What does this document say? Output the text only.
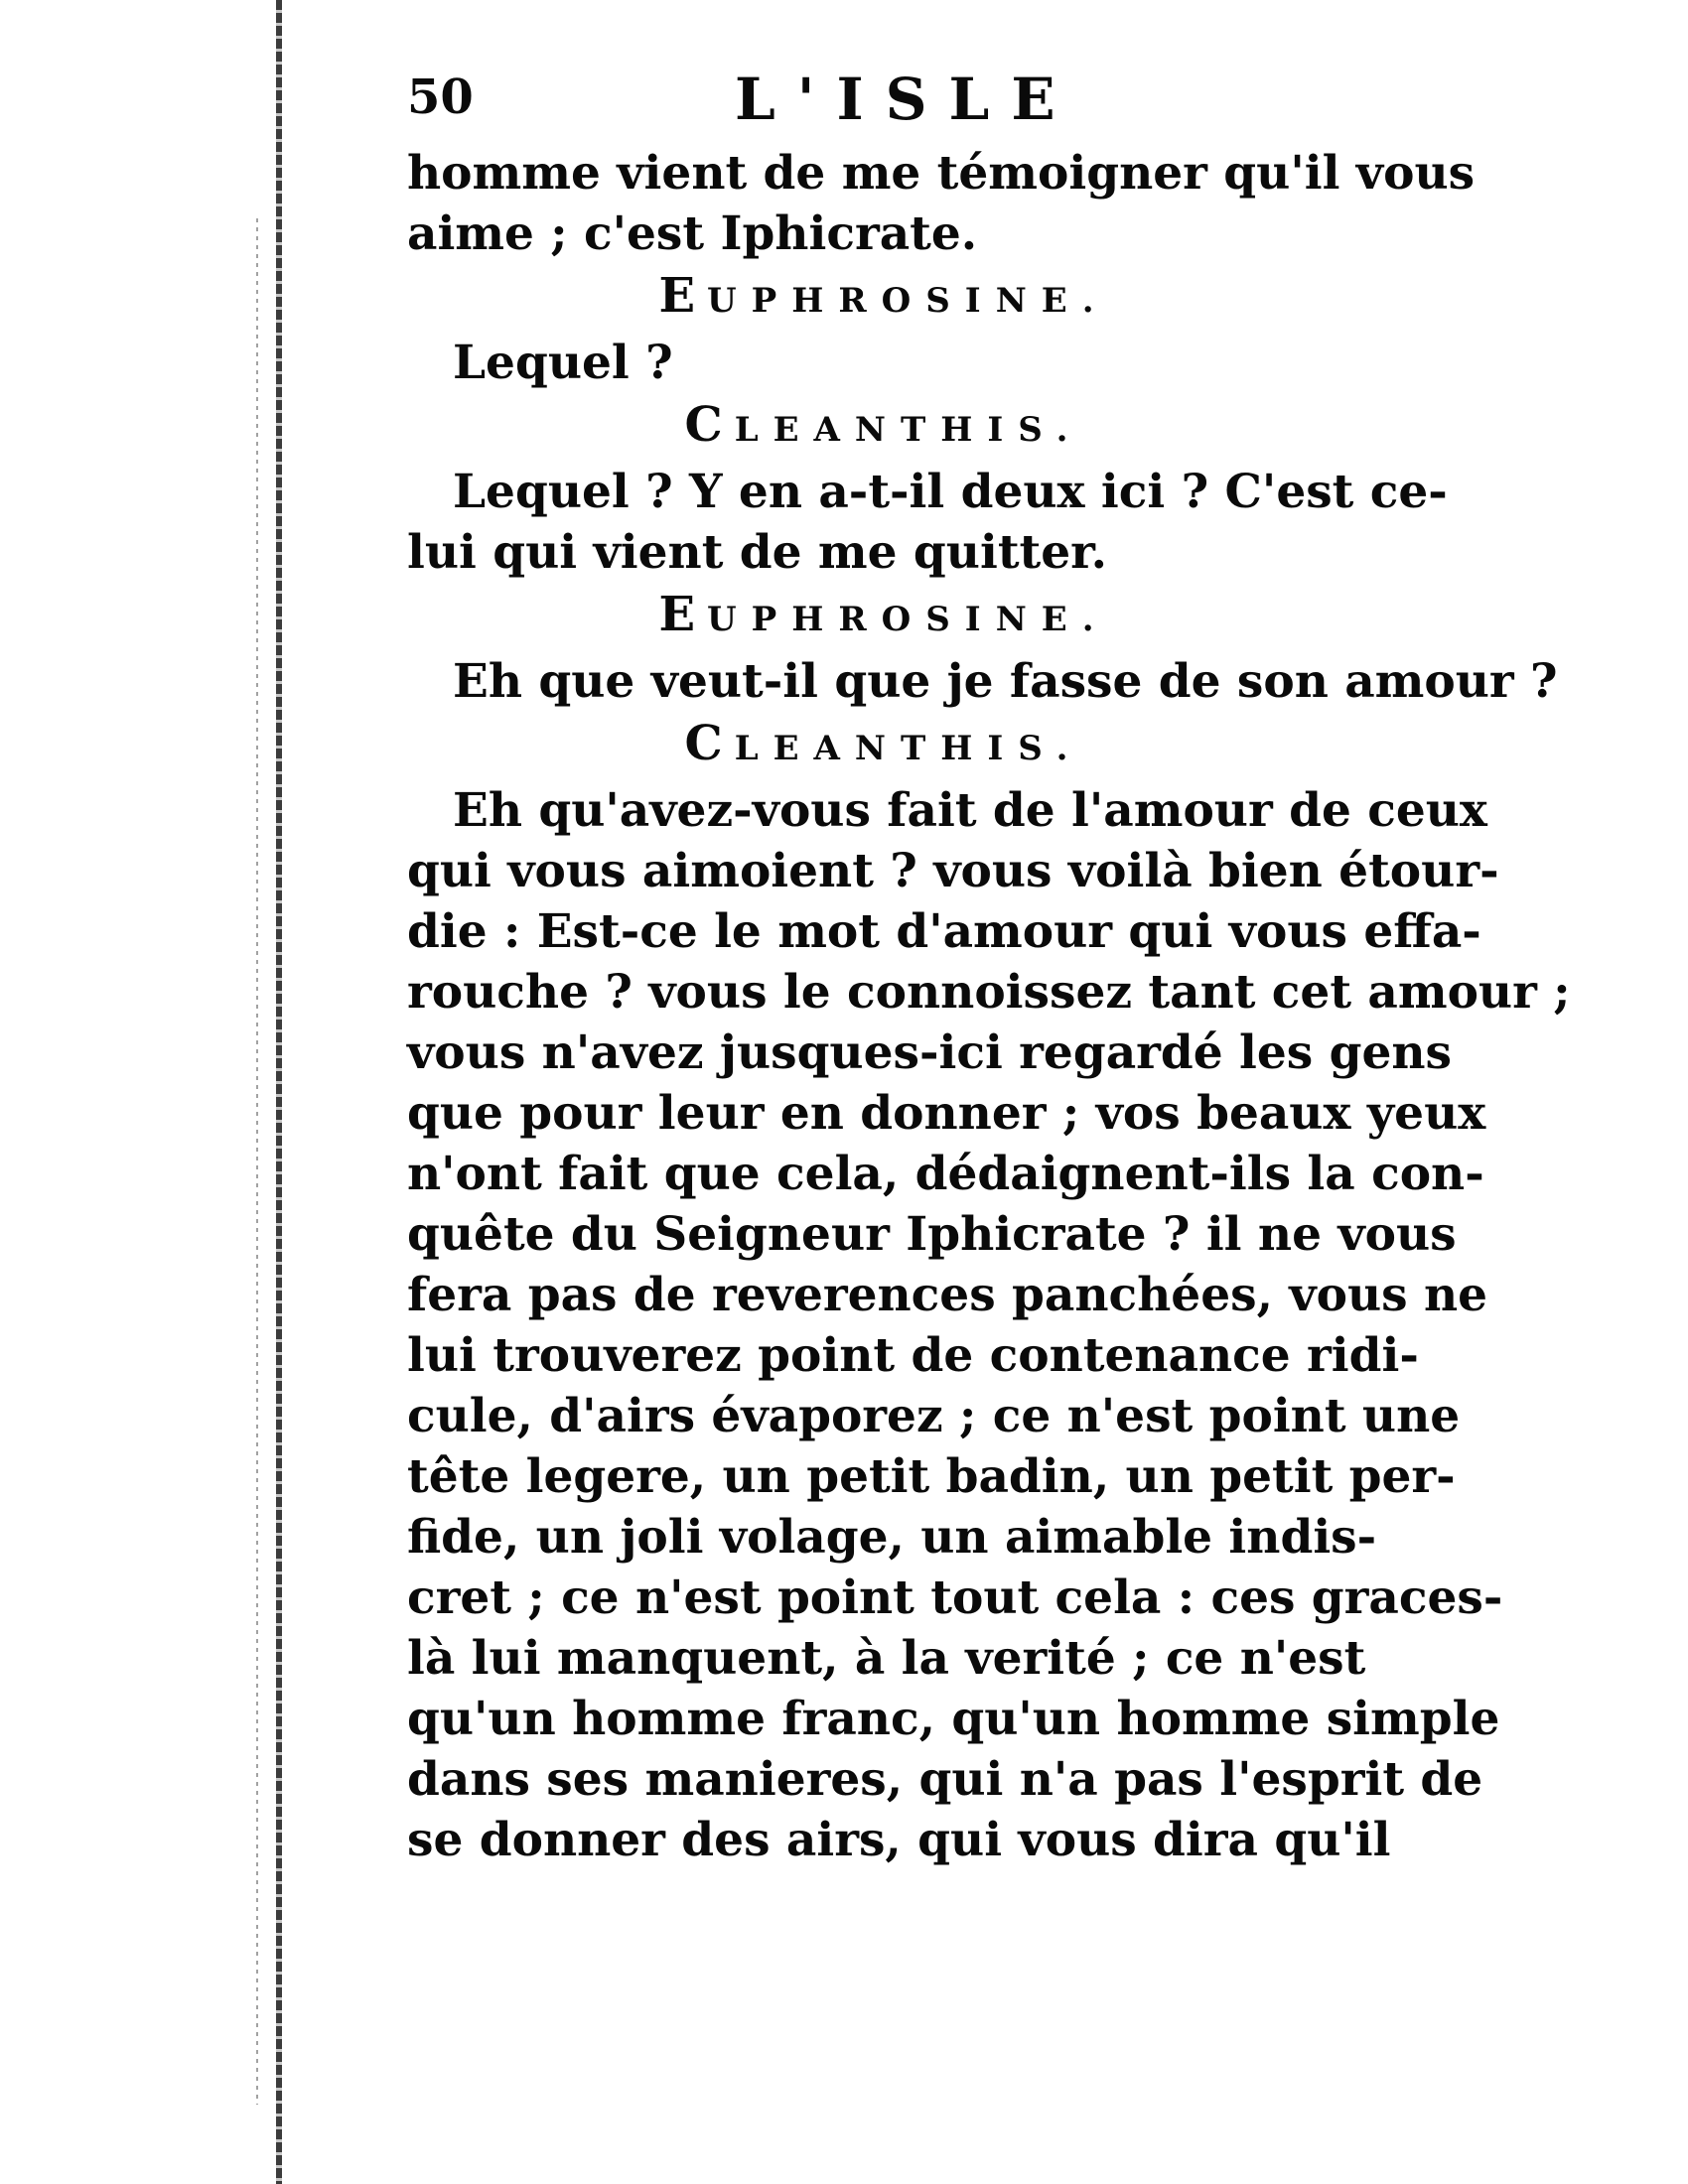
50	L'ISLE
homme vient de me témoigner qu'il vous
aime ; c'est Iphicrate.
EUPHROSINE.
Lequel ?
CLEANTHIS.
Lequel ? Y en a-t-il deux ici ? C'est ce-
lui qui vient de me quitter.
EUPHROSINE.
Eh que veut-il que je fasse de son amour ?
CLEANTHIS.
Eh qu'avez-vous fait de l'amour de ceux
qui vous aimoient ? vous voilà bien étour-
die : Est-ce le mot d'amour qui vous effa-
rouche ? vous le connoissez tant cet amour ;
vous n'avez jusques-ici regardé les gens
que pour leur en donner ; vos beaux yeux
n'ont fait que cela, dédaignent-ils la con-
quête du Seigneur Iphicrate ? il ne vous
fera pas de reverences panchées, vous ne
lui trouverez point de contenance ridi-
cule, d'airs évaporez ; ce n'est point une
tête legere, un petit badin, un petit per-
fide, un joli volage, un aimable indis-
cret ; ce n'est point tout cela : ces graces-
là lui manquent, à la verité ; ce n'est
qu'un homme franc, qu'un homme simple
dans ses manieres, qui n'a pas l'esprit de
se donner des airs, qui vous dira qu'il
